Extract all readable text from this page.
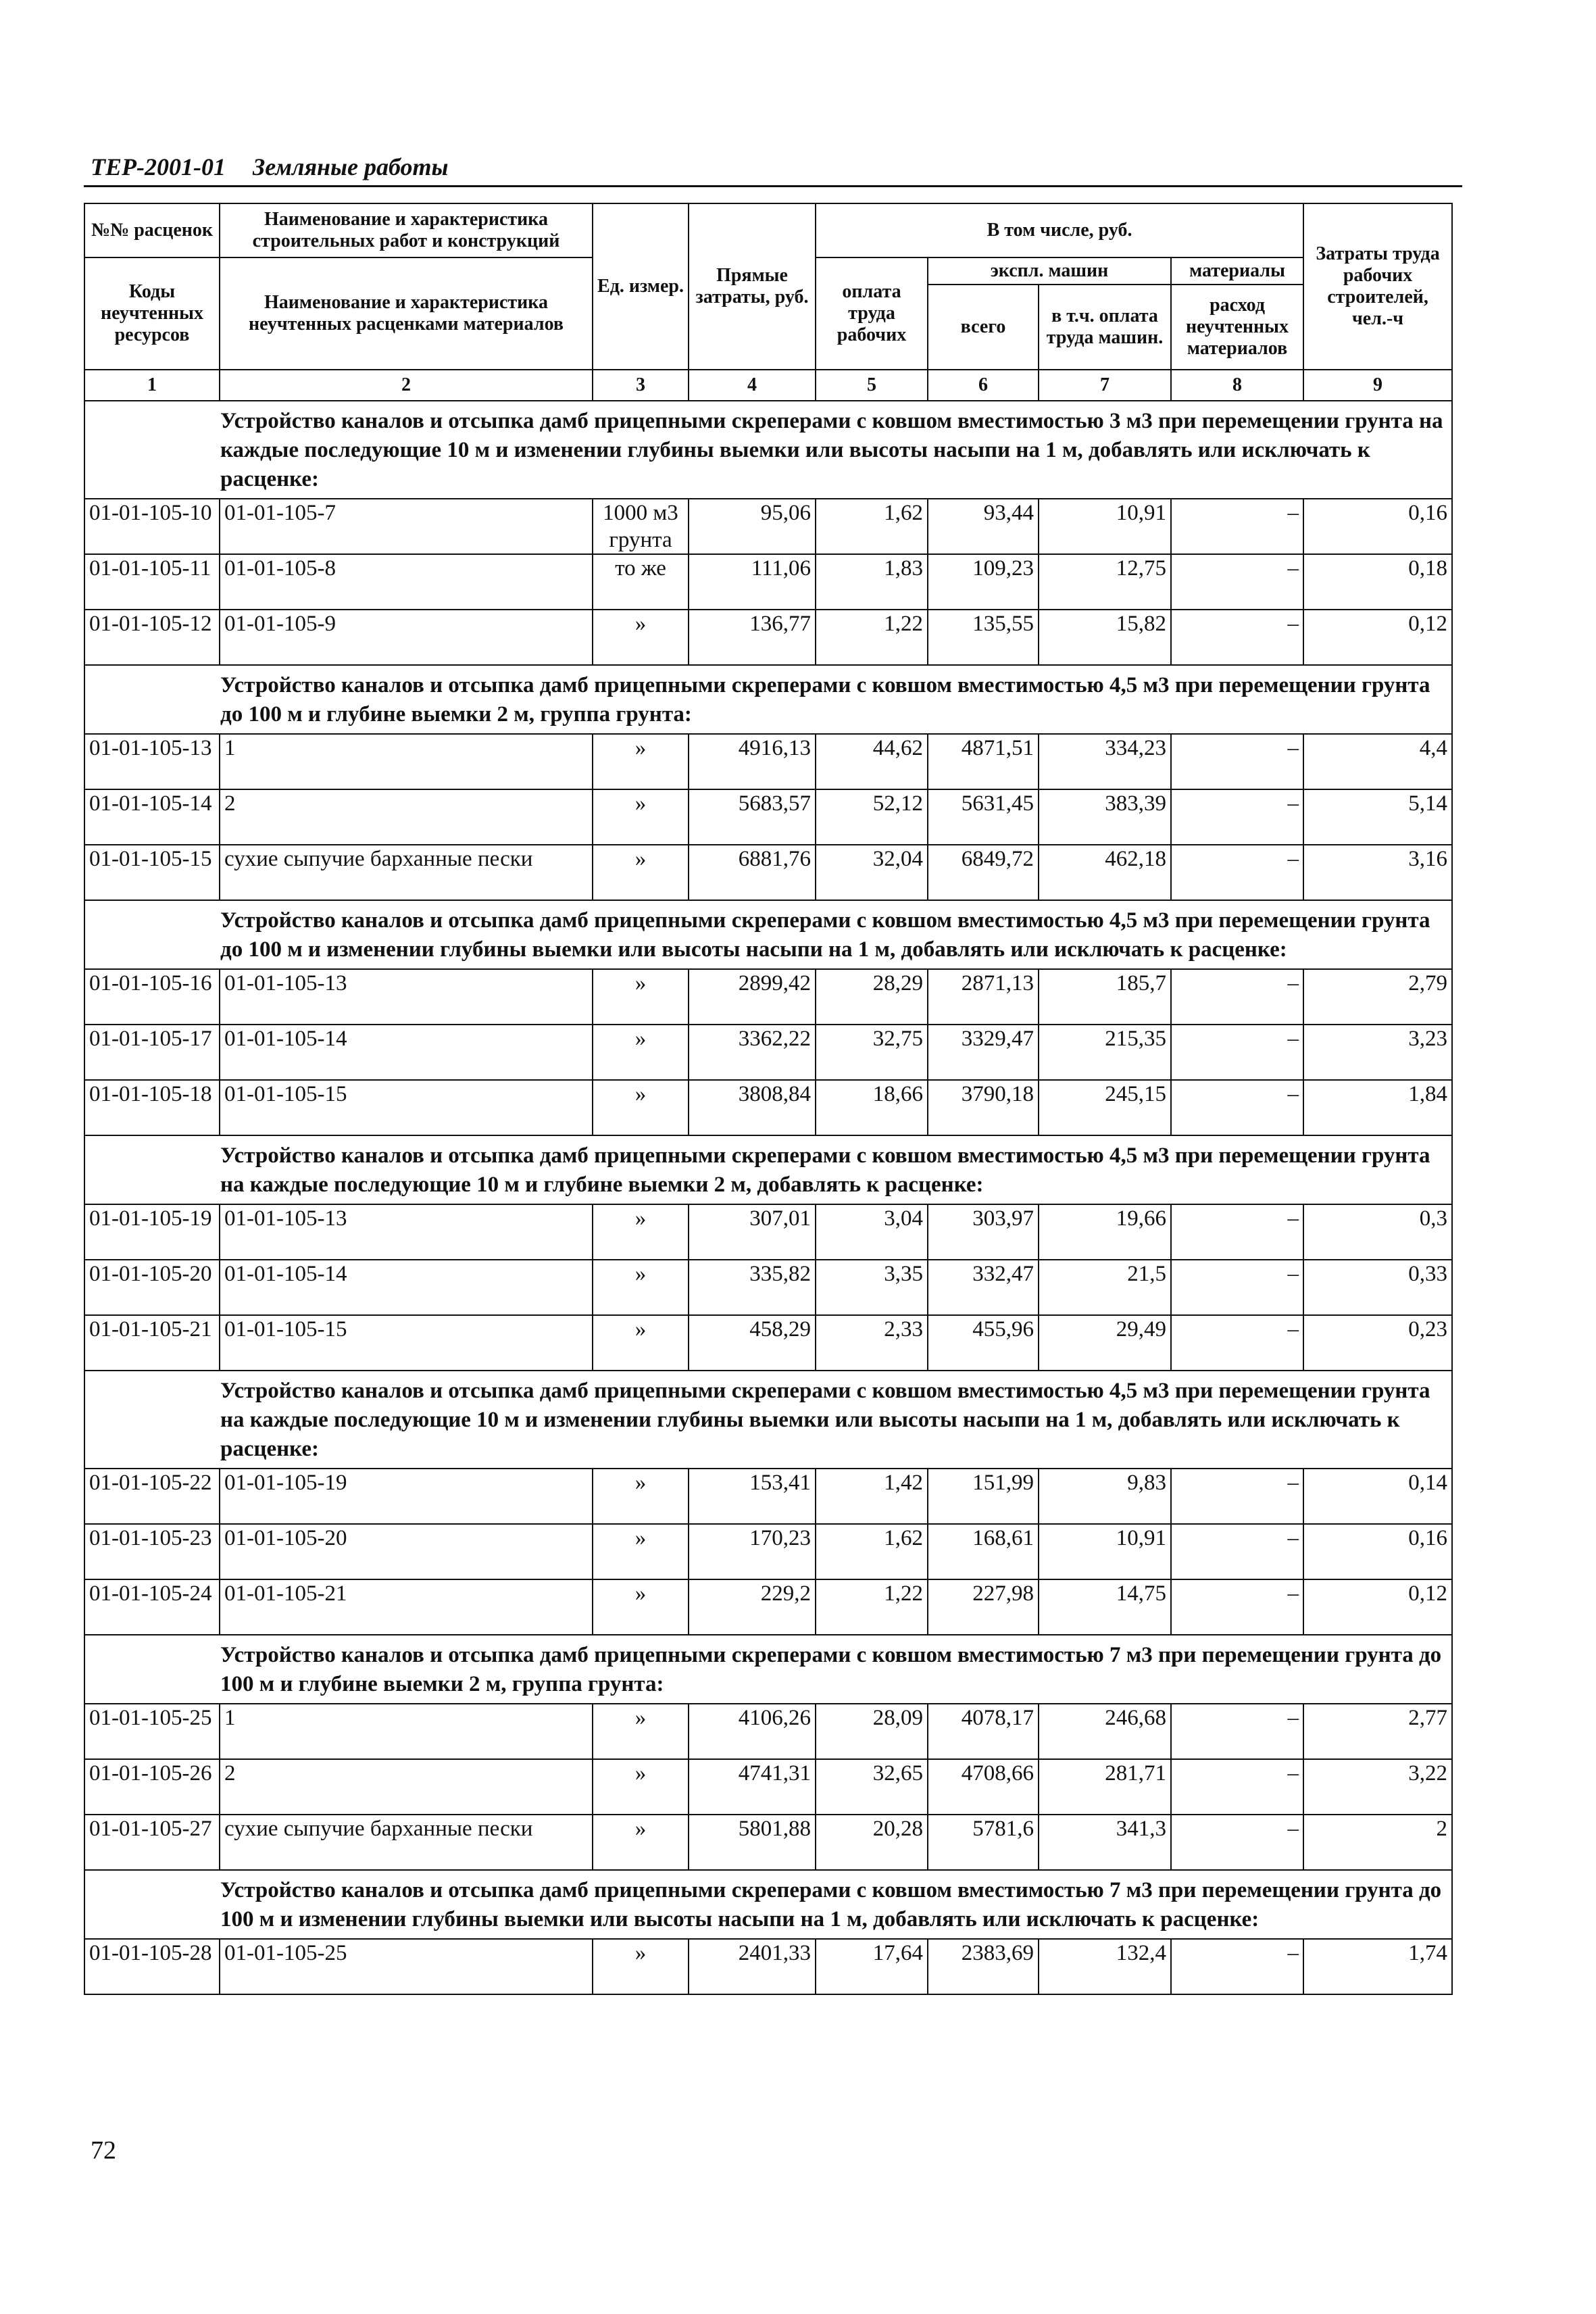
ТЕР-2001-01 Земляные работы
№№ расценок	Наименование и характеристика строительных работ и конструкций	Ед. измер.	Прямые затраты, руб.	В том числе, руб.				Затраты труда рабочих строителей, чел.-ч
Коды неучтенных ресурсов	Наименование и характеристика неучтенных расценками материалов			оплата труда рабочих	экспл. машин		материалы	
					всего	в т.ч. оплата труда машин.	расход неучтенных материалов	
1	2	3	4	5	6	7	8	9
Устройство каналов и отсыпка дамб прицепными скреперами с ковшом вместимостью 3 м3 при перемещении грунта на каждые последующие 10 м и изменении глубины выемки или высоты насыпи на 1 м, добавлять или исключать к расценке:								
01-01-105-10	01-01-105-7	1000 м3 грунта	95,06	1,62	93,44	10,91	–	0,16
01-01-105-11	01-01-105-8	то же	111,06	1,83	109,23	12,75	–	0,18
01-01-105-12	01-01-105-9	»	136,77	1,22	135,55	15,82	–	0,12
Устройство каналов и отсыпка дамб прицепными скреперами с ковшом вместимостью 4,5 м3 при перемещении грунта до 100 м и глубине выемки 2 м, группа грунта:								
01-01-105-13	1	»	4916,13	44,62	4871,51	334,23	–	4,4
01-01-105-14	2	»	5683,57	52,12	5631,45	383,39	–	5,14
01-01-105-15	сухие сыпучие барханные пески	»	6881,76	32,04	6849,72	462,18	–	3,16
Устройство каналов и отсыпка дамб прицепными скреперами с ковшом вместимостью 4,5 м3 при перемещении грунта до 100 м и изменении глубины выемки или высоты насыпи на 1 м, добавлять или исключать к расценке:								
01-01-105-16	01-01-105-13	»	2899,42	28,29	2871,13	185,7	–	2,79
01-01-105-17	01-01-105-14	»	3362,22	32,75	3329,47	215,35	–	3,23
01-01-105-18	01-01-105-15	»	3808,84	18,66	3790,18	245,15	–	1,84
Устройство каналов и отсыпка дамб прицепными скреперами с ковшом вместимостью 4,5 м3 при перемещении грунта на каждые последующие 10 м и глубине выемки 2 м, добавлять к расценке:								
01-01-105-19	01-01-105-13	»	307,01	3,04	303,97	19,66	–	0,3
01-01-105-20	01-01-105-14	»	335,82	3,35	332,47	21,5	–	0,33
01-01-105-21	01-01-105-15	»	458,29	2,33	455,96	29,49	–	0,23
Устройство каналов и отсыпка дамб прицепными скреперами с ковшом вместимостью 4,5 м3 при перемещении грунта на каждые последующие 10 м и изменении глубины выемки или высоты насыпи на 1 м, добавлять или исключать к расценке:								
01-01-105-22	01-01-105-19	»	153,41	1,42	151,99	9,83	–	0,14
01-01-105-23	01-01-105-20	»	170,23	1,62	168,61	10,91	–	0,16
01-01-105-24	01-01-105-21	»	229,2	1,22	227,98	14,75	–	0,12
Устройство каналов и отсыпка дамб прицепными скреперами с ковшом вместимостью 7 м3 при перемещении грунта до 100 м и глубине выемки 2 м, группа грунта:								
01-01-105-25	1	»	4106,26	28,09	4078,17	246,68	–	2,77
01-01-105-26	2	»	4741,31	32,65	4708,66	281,71	–	3,22
01-01-105-27	сухие сыпучие барханные пески	»	5801,88	20,28	5781,6	341,3	–	2
Устройство каналов и отсыпка дамб прицепными скреперами с ковшом вместимостью 7 м3 при перемещении грунта до 100 м и изменении глубины выемки или высоты насыпи на 1 м, добавлять или исключать к расценке:								
01-01-105-28	01-01-105-25	»	2401,33	17,64	2383,69	132,4	–	1,74
72
